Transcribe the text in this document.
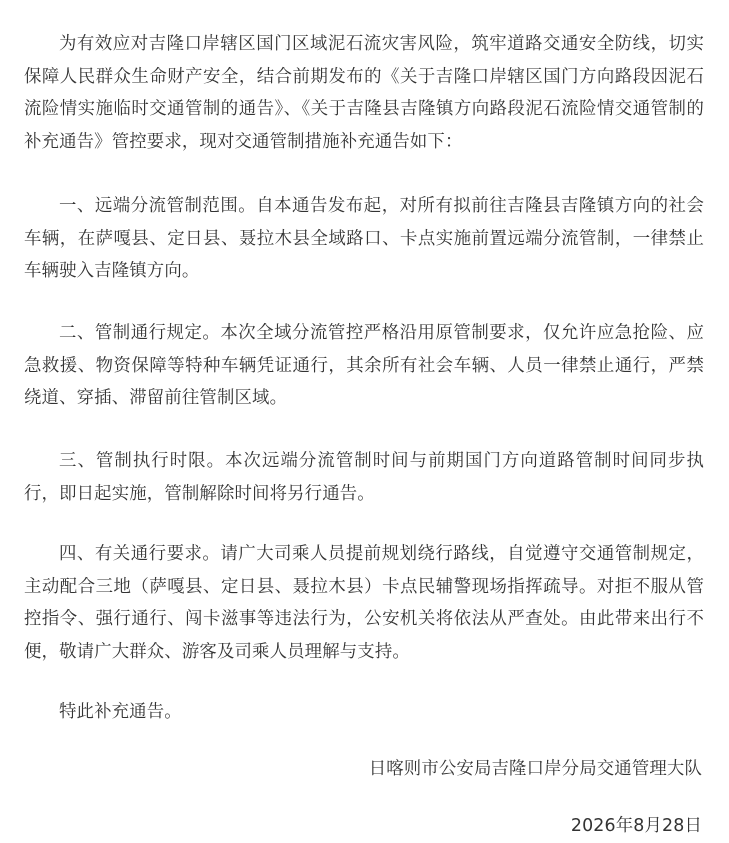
为有效应对吉隆口岸辖区国门区域泥石流灾害风险，筑牢道路交通安全防线，切实保障人民群众生命财产安全，结合前期发布的《关于吉隆口岸辖区国门方向路段因泥石流险情实施临时交通管制的通告》、《关于吉隆县吉隆镇方向路段泥石流险情交通管制的补充通告》管控要求，现对交通管制措施补充通告如下：

一、远端分流管制范围。自本通告发布起，对所有拟前往吉隆县吉隆镇方向的社会车辆，在萨嘎县、定日县、聂拉木县全域路口、卡点实施前置远端分流管制，一律禁止车辆驶入吉隆镇方向。

二、管制通行规定。本次全域分流管控严格沿用原管制要求，仅允许应急抢险、应急救援、物资保障等特种车辆凭证通行，其余所有社会车辆、人员一律禁止通行，严禁绕道、穿插、滞留前往管制区域。

三、管制执行时限。本次远端分流管制时间与前期国门方向道路管制时间同步执行，即日起实施，管制解除时间将另行通告。

四、有关通行要求。请广大司乘人员提前规划绕行路线，自觉遵守交通管制规定，主动配合三地（萨嘎县、定日县、聂拉木县）卡点民辅警现场指挥疏导。对拒不服从管控指令、强行通行、闯卡滋事等违法行为，公安机关将依法从严查处。由此带来出行不便，敬请广大群众、游客及司乘人员理解与支持。

特此补充通告。

日喀则市公安局吉隆口岸分局交通管理大队

2026年8月28日
